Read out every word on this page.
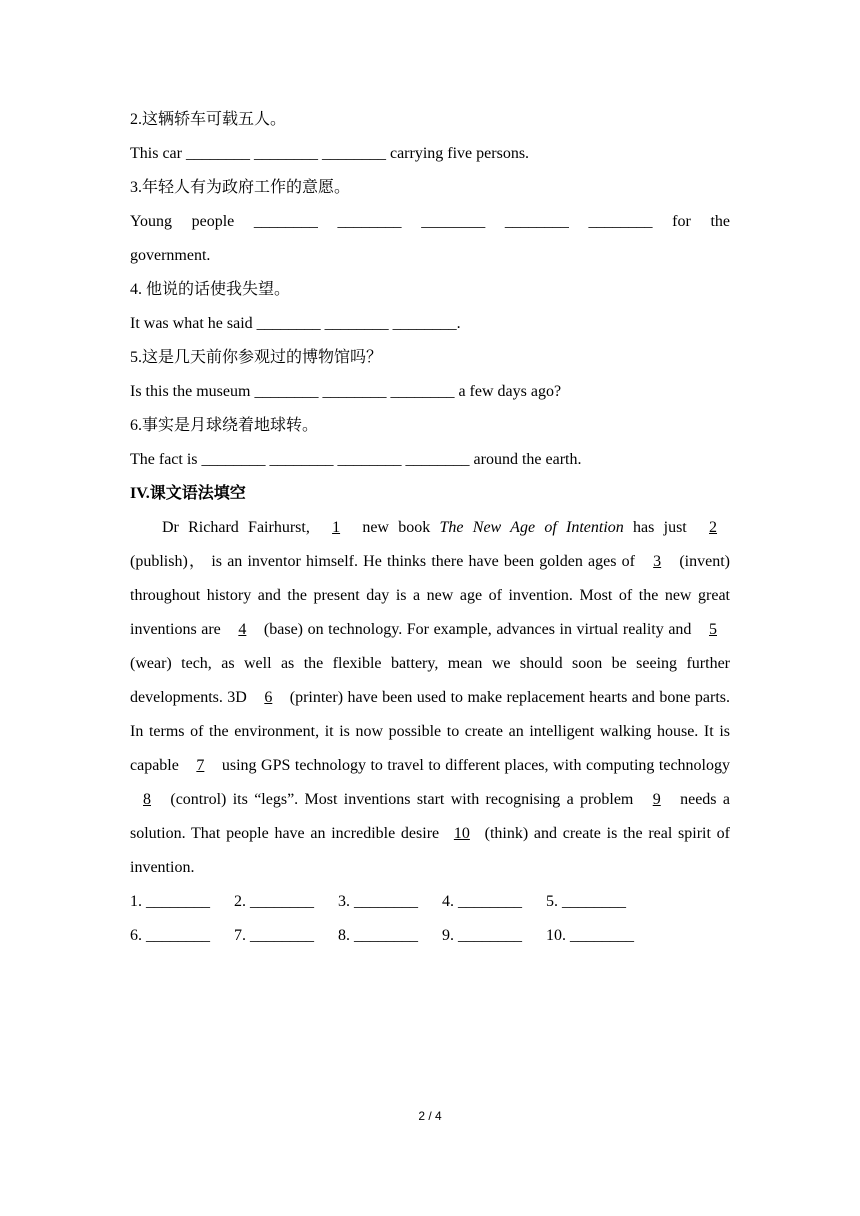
2.这辆轿车可载五人。

This car ________ ________ ________ carrying five persons.

3.年轻人有为政府工作的意愿。

Young people ________ ________ ________ ________ ________ for the

government.

4. 他说的话使我失望。

It was what he said ________ ________ ________.

5.这是几天前你参观过的博物馆吗？

Is this the museum ________ ________ ________ a few days ago?

6.事实是月球绕着地球转。

The fact is ________ ________ ________ ________ around the earth.

IV.课文语法填空

Dr Richard Fairhurst, 1 new book The New Age of Intention has just 2 (publish)， is an inventor himself. He thinks there have been golden ages of 3 (invent) throughout history and the present day is a new age of invention. Most of the new great inventions are 4 (base) on technology. For example, advances in virtual reality and 5 (wear) tech, as well as the flexible battery, mean we should soon be seeing further developments. 3D 6 (printer) have been used to make replacement hearts and bone parts. In terms of the environment, it is now possible to create an intelligent walking house. It is capable 7 using GPS technology to travel to different places, with computing technology 8 (control) its “legs”. Most inventions start with recognising a problem 9 needs a solution. That people have an incredible desire 10 (think) and create is the real spirit of invention.

1. ________      2. ________      3. ________      4. ________      5. ________

6. ________      7. ________      8. ________      9. ________      10. ________

2 / 4
